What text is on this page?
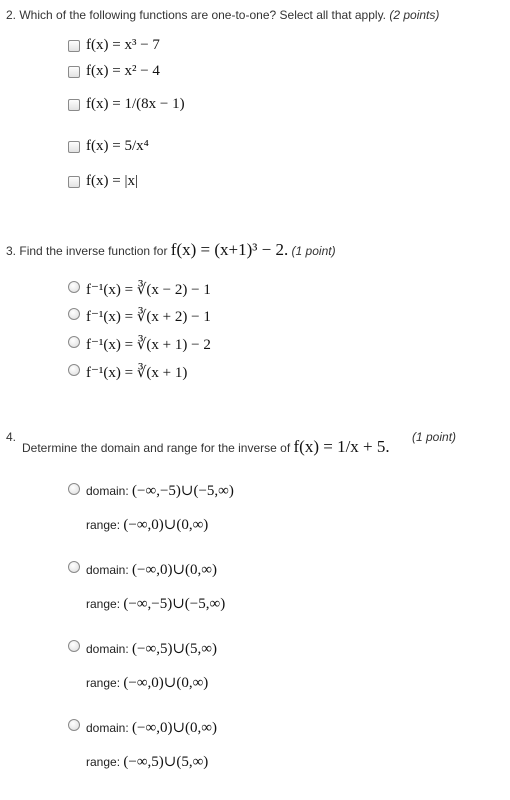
2. Which of the following functions are one-to-one? Select all that apply. (2 points)
f(x) = x³ − 7
f(x) = x² − 4
f(x) = 1/(8x − 1)
f(x) = 5/x⁴
f(x) = |x|
3. Find the inverse function for f(x) = (x+1)³ − 2. (1 point)
f⁻¹(x) = ∛(x − 2) − 1
f⁻¹(x) = ∛(x + 2) − 1
f⁻¹(x) = ∛(x + 1) − 2
f⁻¹(x) = ∛(x + 1)
4.
Determine the domain and range for the inverse of f(x) = 1/x + 5. (1 point)
domain: (−∞,−5)∪(−5,∞)
range: (−∞,0)∪(0,∞)
domain: (−∞,0)∪(0,∞)
range: (−∞,−5)∪(−5,∞)
domain: (−∞,5)∪(5,∞)
range: (−∞,0)∪(0,∞)
domain: (−∞,0)∪(0,∞)
range: (−∞,5)∪(5,∞)
